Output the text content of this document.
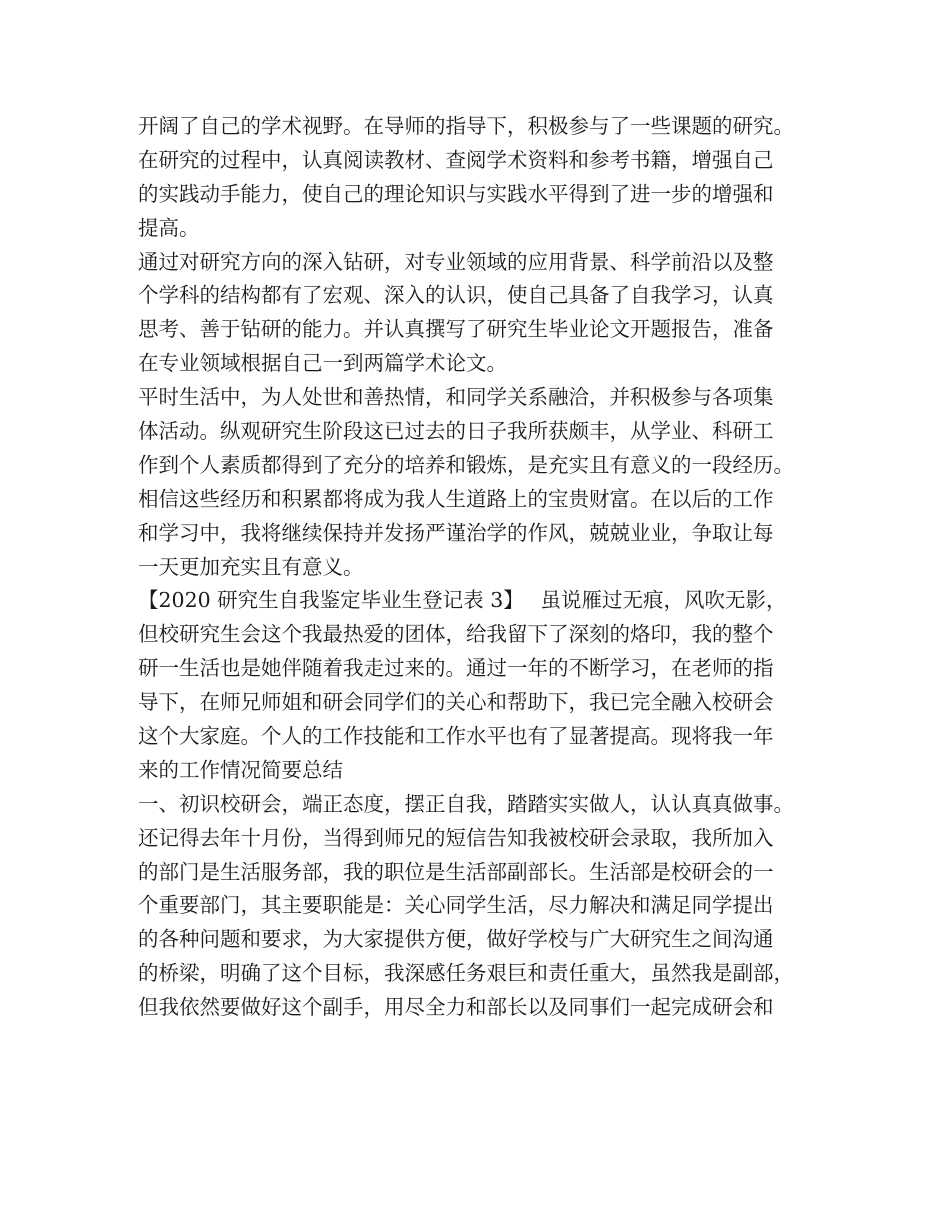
开阔了自己的学术视野。在导师的指导下，积极参与了一些课题的研究。
在研究的过程中，认真阅读教材、查阅学术资料和参考书籍，增强自己
的实践动手能力，使自己的理论知识与实践水平得到了进一步的增强和
提高。
通过对研究方向的深入钻研，对专业领域的应用背景、科学前沿以及整
个学科的结构都有了宏观、深入的认识，使自己具备了自我学习，认真
思考、善于钻研的能力。并认真撰写了研究生毕业论文开题报告，准备
在专业领域根据自己一到两篇学术论文。
平时生活中，为人处世和善热情，和同学关系融洽，并积极参与各项集
体活动。纵观研究生阶段这已过去的日子我所获颇丰，从学业、科研工
作到个人素质都得到了充分的培养和锻炼，是充实且有意义的一段经历。
相信这些经历和积累都将成为我人生道路上的宝贵财富。在以后的工作
和学习中，我将继续保持并发扬严谨治学的作风，兢兢业业，争取让每
一天更加充实且有意义。
【2020 研究生自我鉴定毕业生登记表 3】　 虽说雁过无痕，风吹无影，
但校研究生会这个我最热爱的团体，给我留下了深刻的烙印，我的整个
研一生活也是她伴随着我走过来的。通过一年的不断学习，在老师的指
导下，在师兄师姐和研会同学们的关心和帮助下，我已完全融入校研会
这个大家庭。个人的工作技能和工作水平也有了显著提高。现将我一年
来的工作情况简要总结
一、初识校研会，端正态度，摆正自我，踏踏实实做人，认认真真做事。
还记得去年十月份，当得到师兄的短信告知我被校研会录取，我所加入
的部门是生活服务部，我的职位是生活部副部长。生活部是校研会的一
个重要部门，其主要职能是：关心同学生活，尽力解决和满足同学提出
的各种问题和要求，为大家提供方便，做好学校与广大研究生之间沟通
的桥梁，明确了这个目标，我深感任务艰巨和责任重大，虽然我是副部，
但我依然要做好这个副手，用尽全力和部长以及同事们一起完成研会和
